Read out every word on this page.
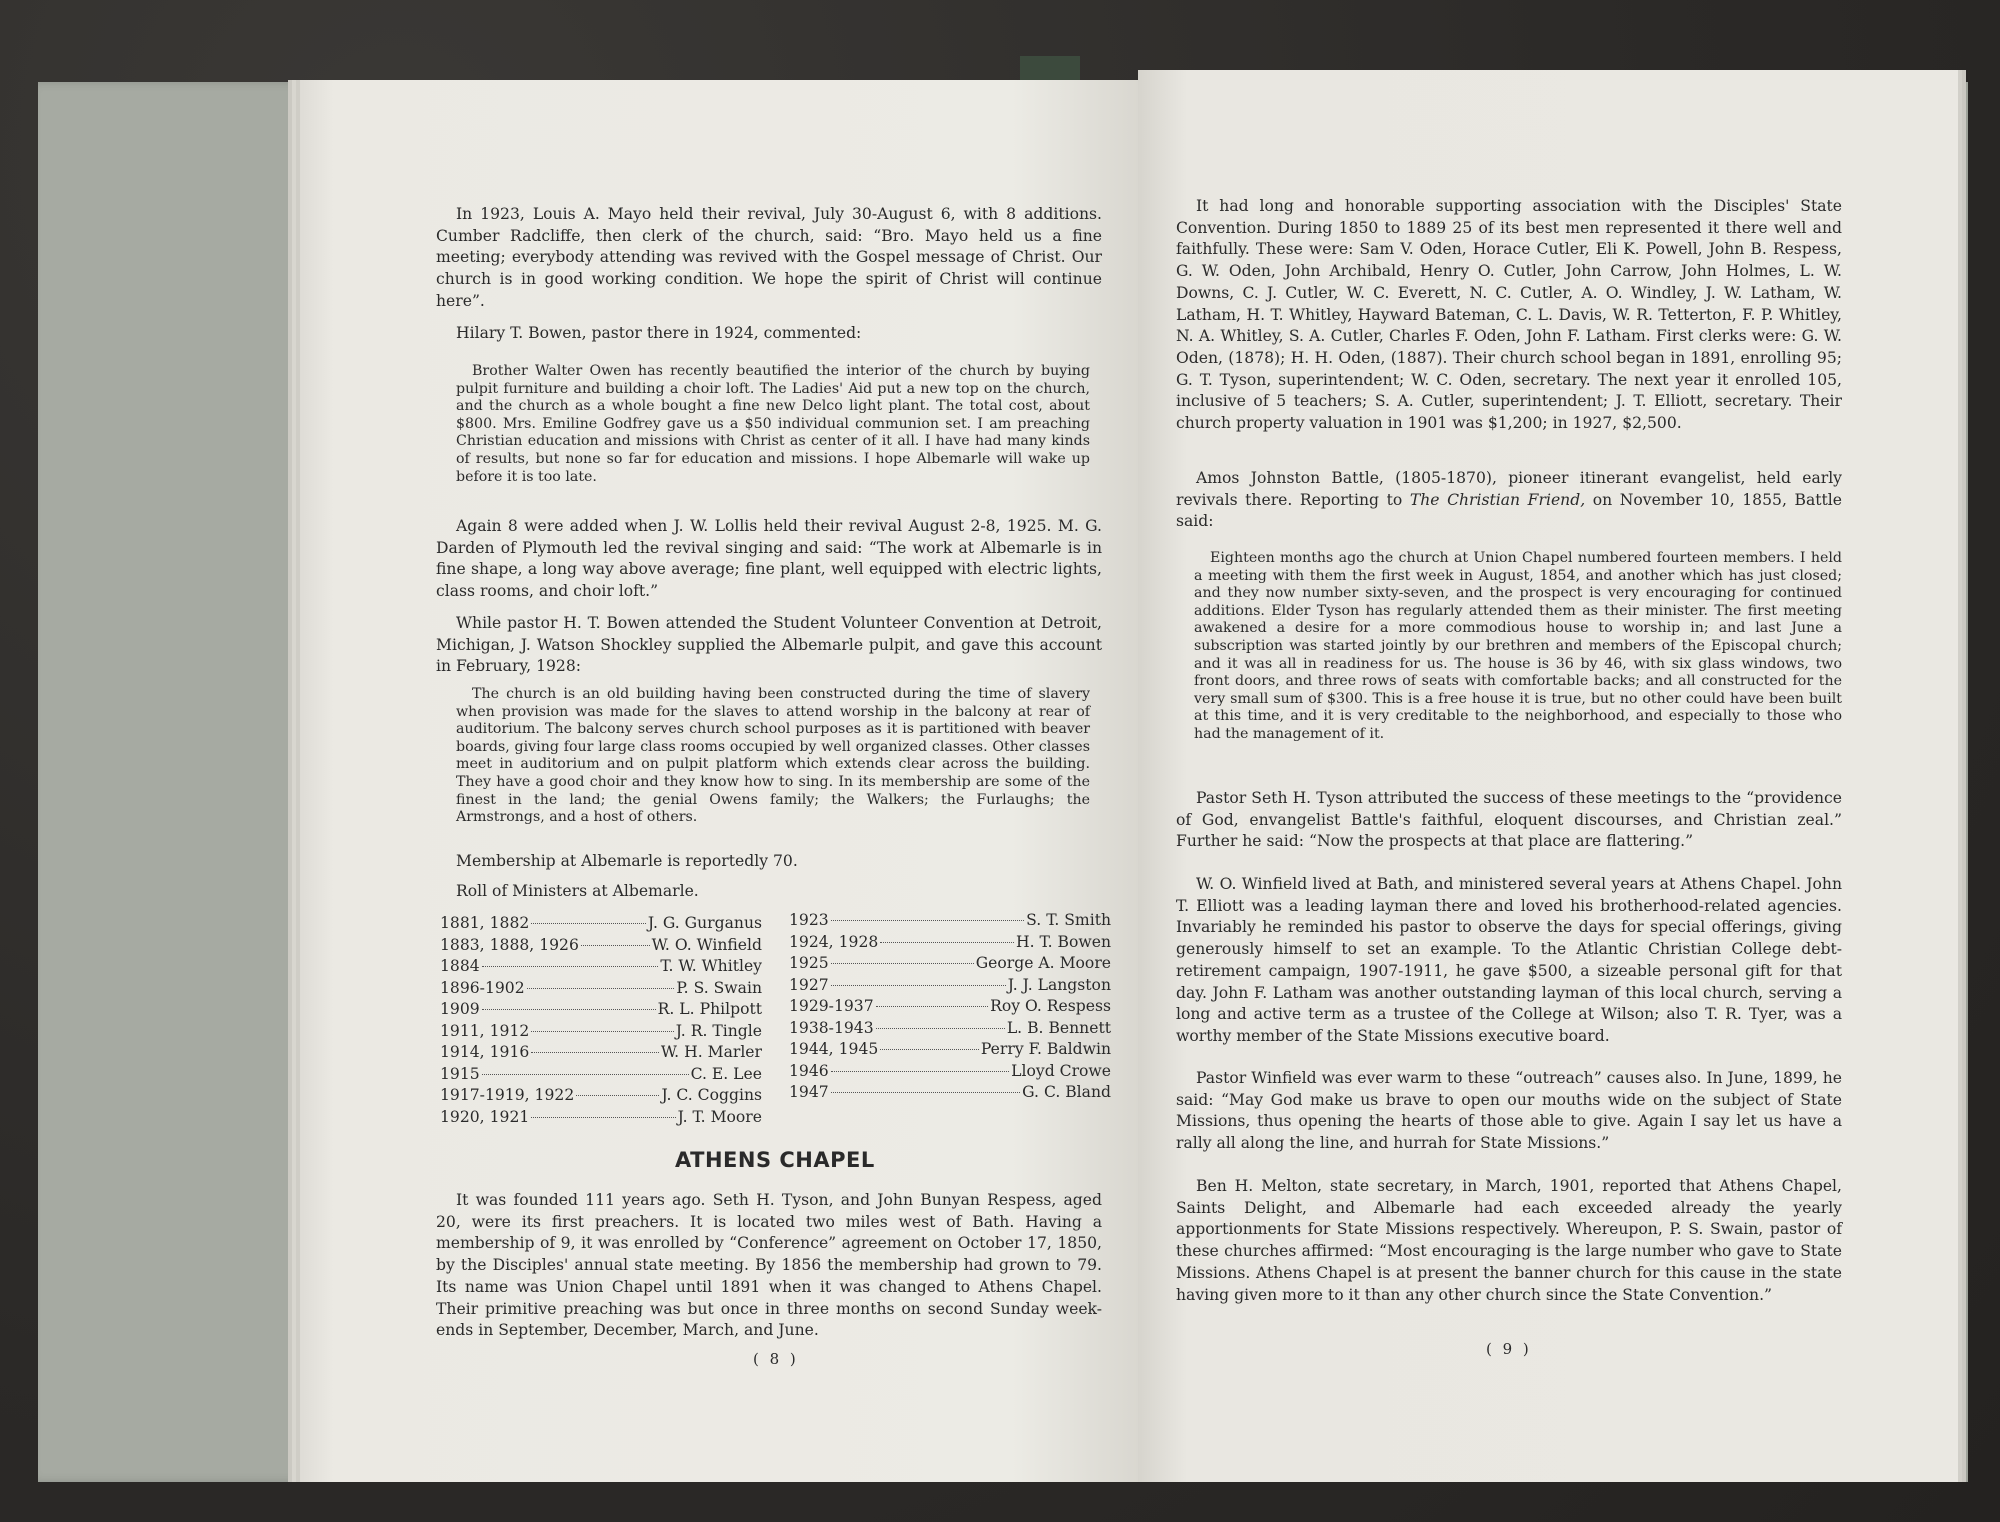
In 1923, Louis A. Mayo held their revival, July 30-August 6, with 8 additions. Cumber Radcliffe, then clerk of the church, said: “Bro. Mayo held us a fine meeting; everybody attending was revived with the Gospel message of Christ. Our church is in good working condition. We hope the spirit of Christ will continue here”.

Hilary T. Bowen, pastor there in 1924, commented:

Brother Walter Owen has recently beautified the interior of the church by buying pulpit furniture and building a choir loft. The Ladies' Aid put a new top on the church, and the church as a whole bought a fine new Delco light plant. The total cost, about $800. Mrs. Emiline Godfrey gave us a $50 individual communion set. I am preaching Christian education and missions with Christ as center of it all. I have had many kinds of results, but none so far for education and missions. I hope Albemarle will wake up before it is too late.

Again 8 were added when J. W. Lollis held their revival August 2-8, 1925. M. G. Darden of Plymouth led the revival singing and said: “The work at Albemarle is in fine shape, a long way above average; fine plant, well equipped with electric lights, class rooms, and choir loft.”

While pastor H. T. Bowen attended the Student Volunteer Convention at Detroit, Michigan, J. Watson Shockley supplied the Albemarle pulpit, and gave this account in February, 1928:

The church is an old building having been constructed during the time of slavery when provision was made for the slaves to attend worship in the balcony at rear of auditorium. The balcony serves church school purposes as it is partitioned with beaver boards, giving four large class rooms occupied by well organized classes. Other classes meet in auditorium and on pulpit platform which extends clear across the building. They have a good choir and they know how to sing. In its membership are some of the finest in the land; the genial Owens family; the Walkers; the Furlaughs; the Armstrongs, and a host of others.

Membership at Albemarle is reportedly 70.
Roll of Ministers at Albemarle.
1881, 1882	J. G. Gurganus
1883, 1888, 1926	W. O. Winfield
1884	T. W. Whitley
1896-1902	P. S. Swain
1909	R. L. Philpott
1911, 1912	J. R. Tingle
1914, 1916	W. H. Marler
1915	C. E. Lee
1917-1919, 1922	J. C. Coggins
1920, 1921	J. T. Moore
1923	S. T. Smith
1924, 1928	H. T. Bowen
1925	George A. Moore
1927	J. J. Langston
1929-1937	Roy O. Respess
1938-1943	L. B. Bennett
1944, 1945	Perry F. Baldwin
1946	Lloyd Crowe
1947	G. C. Bland
ATHENS CHAPEL

It was founded 111 years ago. Seth H. Tyson, and John Bunyan Respess, aged 20, were its first preachers. It is located two miles west of Bath. Having a membership of 9, it was enrolled by “Conference” agreement on October 17, 1850, by the Disciples' annual state meeting. By 1856 the membership had grown to 79. Its name was Union Chapel until 1891 when it was changed to Athens Chapel. Their primitive preaching was but once in three months on second Sunday week-ends in September, December, March, and June.

( 8 )

It had long and honorable supporting association with the Disciples' State Convention. During 1850 to 1889 25 of its best men represented it there well and faithfully. These were: Sam V. Oden, Horace Cutler, Eli K. Powell, John B. Respess, G. W. Oden, John Archibald, Henry O. Cutler, John Carrow, John Holmes, L. W. Downs, C. J. Cutler, W. C. Everett, N. C. Cutler, A. O. Windley, J. W. Latham, W. Latham, H. T. Whitley, Hayward Bateman, C. L. Davis, W. R. Tetterton, F. P. Whitley, N. A. Whitley, S. A. Cutler, Charles F. Oden, John F. Latham. First clerks were: G. W. Oden, (1878); H. H. Oden, (1887). Their church school began in 1891, enrolling 95; G. T. Tyson, superintendent; W. C. Oden, secretary. The next year it enrolled 105, inclusive of 5 teachers; S. A. Cutler, superintendent; J. T. Elliott, secretary. Their church property valuation in 1901 was $1,200; in 1927, $2,500.

Amos Johnston Battle, (1805-1870), pioneer itinerant evangelist, held early revivals there. Reporting to The Christian Friend, on November 10, 1855, Battle said:

Eighteen months ago the church at Union Chapel numbered fourteen members. I held a meeting with them the first week in August, 1854, and another which has just closed; and they now number sixty-seven, and the prospect is very encouraging for continued additions. Elder Tyson has regularly attended them as their minister. The first meeting awakened a desire for a more commodious house to worship in; and last June a subscription was started jointly by our brethren and members of the Episcopal church; and it was all in readiness for us. The house is 36 by 46, with six glass windows, two front doors, and three rows of seats with comfortable backs; and all constructed for the very small sum of $300. This is a free house it is true, but no other could have been built at this time, and it is very creditable to the neighborhood, and especially to those who had the management of it.

Pastor Seth H. Tyson attributed the success of these meetings to the “providence of God, envangelist Battle's faithful, eloquent discourses, and Christian zeal.” Further he said: “Now the prospects at that place are flattering.”

W. O. Winfield lived at Bath, and ministered several years at Athens Chapel. John T. Elliott was a leading layman there and loved his brotherhood-related agencies. Invariably he reminded his pastor to observe the days for special offerings, giving generously himself to set an example. To the Atlantic Christian College debt-retirement campaign, 1907-1911, he gave $500, a sizeable personal gift for that day. John F. Latham was another outstanding layman of this local church, serving a long and active term as a trustee of the College at Wilson; also T. R. Tyer, was a worthy member of the State Missions executive board.

Pastor Winfield was ever warm to these “outreach” causes also. In June, 1899, he said: “May God make us brave to open our mouths wide on the subject of State Missions, thus opening the hearts of those able to give. Again I say let us have a rally all along the line, and hurrah for State Missions.”

Ben H. Melton, state secretary, in March, 1901, reported that Athens Chapel, Saints Delight, and Albemarle had each exceeded already the yearly apportionments for State Missions respectively. Whereupon, P. S. Swain, pastor of these churches affirmed: “Most encouraging is the large number who gave to State Missions. Athens Chapel is at present the banner church for this cause in the state having given more to it than any other church since the State Convention.”

( 9 )
